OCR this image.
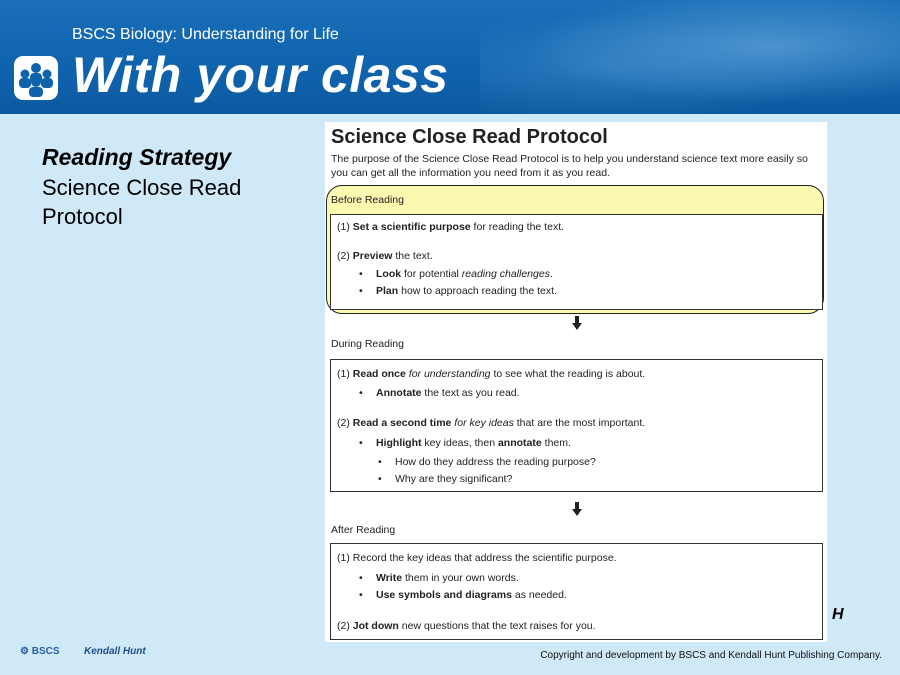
BSCS Biology: Understanding for Life
With your class
Reading Strategy
Science Close Read Protocol
Science Close Read Protocol
The purpose of the Science Close Read Protocol is to help you understand science text more easily so you can get all the information you need from it as you read.
Before Reading
(1) Set a scientific purpose for reading the text.
(2) Preview the text.
• Look for potential reading challenges.
• Plan how to approach reading the text.
During Reading
(1) Read once for understanding to see what the reading is about.
• Annotate the text as you read.
(2) Read a second time for key ideas that are the most important.
• Highlight key ideas, then annotate them.
• How do they address the reading purpose?
• Why are they significant?
After Reading
(1) Record the key ideas that address the scientific purpose.
• Write them in your own words.
• Use symbols and diagrams as needed.
(2) Jot down new questions that the text raises for you.
H
⚙ BSCS Kendall Hunt	Copyright and development by BSCS and Kendall Hunt Publishing Company.
